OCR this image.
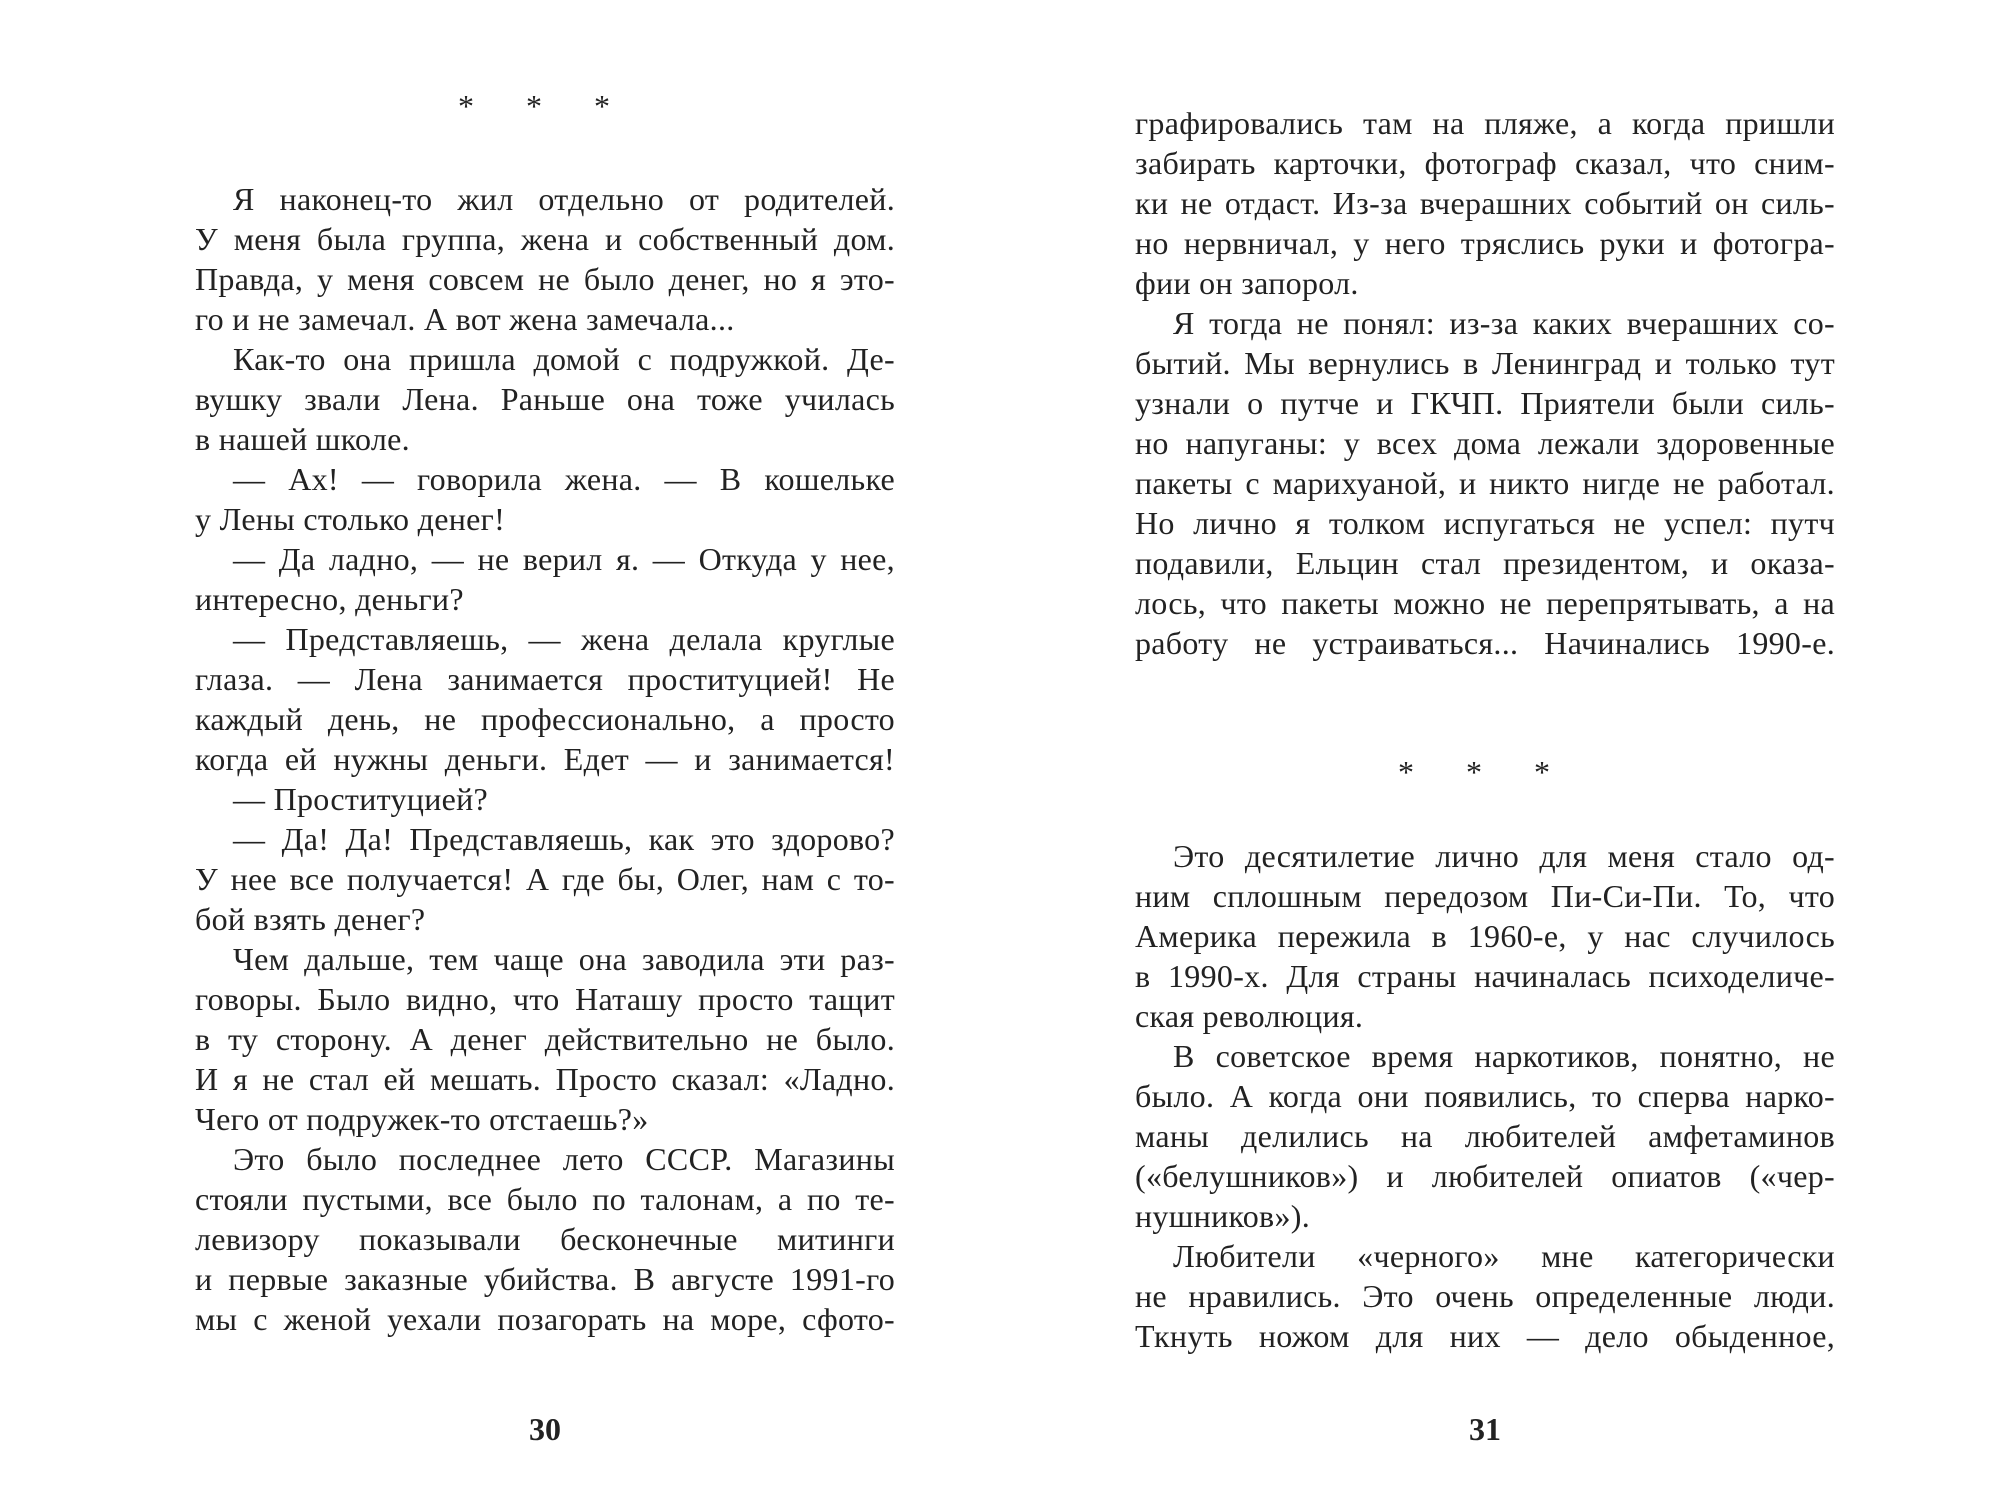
* * *
Я наконец-то жил отдельно от родителей.
У меня была группа, жена и собственный дом.
Правда, у меня совсем не было денег, но я это-
го и не замечал. А вот жена замечала...
Как-то она пришла домой с подружкой. Де-
вушку звали Лена. Раньше она тоже училась
в нашей школе.
— Ах! — говорила жена. — В кошельке
у Лены столько денег!
— Да ладно, — не верил я. — Откуда у нее,
интересно, деньги?
— Представляешь, — жена делала круглые
глаза. — Лена занимается проституцией! Не
каждый день, не профессионально, а просто
когда ей нужны деньги. Едет — и занимается!
— Проституцией?
— Да! Да! Представляешь, как это здорово?
У нее все получается! А где бы, Олег, нам с то-
бой взять денег?
Чем дальше, тем чаще она заводила эти раз-
говоры. Было видно, что Наташу просто тащит
в ту сторону. А денег действительно не было.
И я не стал ей мешать. Просто сказал: «Ладно.
Чего от подружек-то отстаешь?»
Это было последнее лето СССР. Магазины
стояли пустыми, все было по талонам, а по те-
левизору показывали бесконечные митинги
и первые заказные убийства. В августе 1991-го
мы с женой уехали позагорать на море, сфото-
30
графировались там на пляже, а когда пришли
забирать карточки, фотограф сказал, что сним-
ки не отдаст. Из-за вчерашних событий он силь-
но нервничал, у него тряслись руки и фотогра-
фии он запорол.
Я тогда не понял: из-за каких вчерашних со-
бытий. Мы вернулись в Ленинград и только тут
узнали о путче и ГКЧП. Приятели были силь-
но напуганы: у всех дома лежали здоровенные
пакеты с марихуаной, и никто нигде не работал.
Но лично я толком испугаться не успел: путч
подавили, Ельцин стал президентом, и оказа-
лось, что пакеты можно не перепрятывать, а на
работу не устраиваться... Начинались 1990-е.
* * *
Это десятилетие лично для меня стало од-
ним сплошным передозом Пи-Си-Пи. То, что
Америка пережила в 1960-е, у нас случилось
в 1990-х. Для страны начиналась психоделиче-
ская революция.
В советское время наркотиков, понятно, не
было. А когда они появились, то сперва нарко-
маны делились на любителей амфетаминов
(«белушников») и любителей опиатов («чер-
нушников»).
Любители «черного» мне категорически
не нравились. Это очень определенные люди.
Ткнуть ножом для них — дело обыденное,
31
